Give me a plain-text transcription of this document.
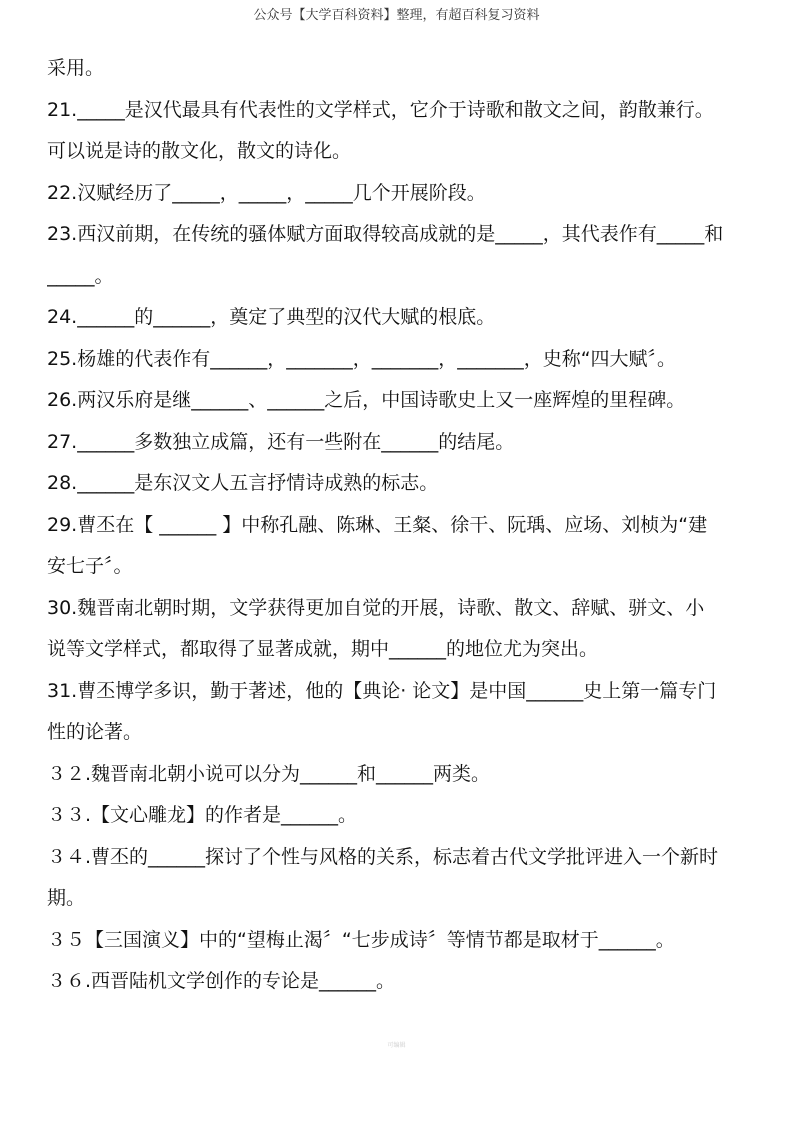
公众号【大学百科资料】整理，有超百科复习资料
采用。
21._____是汉代最具有代表性的文学样式，它介于诗歌和散文之间，韵散兼行。
可以说是诗的散文化，散文的诗化。
22.汉赋经历了_____，_____，_____几个开展阶段。
23.西汉前期，在传统的骚体赋方面取得较高成就的是_____，其代表作有_____和
_____。
24.______的______，奠定了典型的汉代大赋的根底。
25.杨雄的代表作有______，_______，_______，_______，史称“四大赋〞。
26.两汉乐府是继______、______之后，中国诗歌史上又一座辉煌的里程碑。
27.______多数独立成篇，还有一些附在______的结尾。
28.______是东汉文人五言抒情诗成熟的标志。
29.曹丕在【 ______ 】中称孔融、陈琳、王粲、徐干、阮瑀、应场、刘桢为“建
安七子〞。
30.魏晋南北朝时期，文学获得更加自觉的开展，诗歌、散文、辞赋、骈文、小
说等文学样式，都取得了显著成就，期中______的地位尤为突出。
31.曹丕博学多识，勤于著述，他的【典论· 论文】是中国______史上第一篇专门
性的论著。
３２.魏晋南北朝小说可以分为______和______两类。
３３.【文心雕龙】的作者是______。
３４.曹丕的______探讨了个性与风格的关系，标志着古代文学批评进入一个新时
期。
３５【三国演义】中的“望梅止渴〞“七步成诗〞等情节都是取材于______。
３６.西晋陆机文学创作的专论是______。
可编辑
